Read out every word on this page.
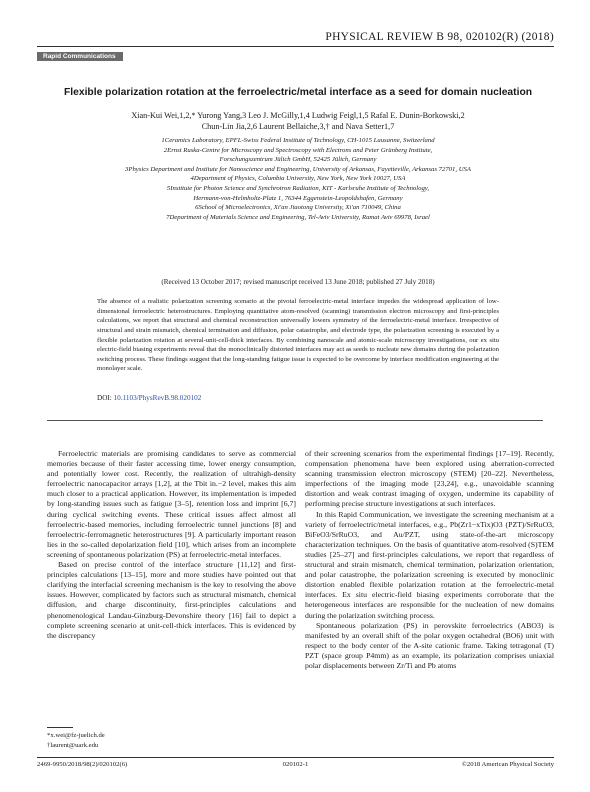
PHYSICAL REVIEW B 98, 020102(R) (2018)
Rapid Communications
Flexible polarization rotation at the ferroelectric/metal interface as a seed for domain nucleation
Xian-Kui Wei,1,2,* Yurong Yang,3 Leo J. McGilly,1,4 Ludwig Feigl,1,5 Rafal E. Dunin-Borkowski,2
Chun-Lin Jia,2,6 Laurent Bellaiche,3,† and Nava Setter1,7
1Ceramics Laboratory, EPFL-Swiss Federal Institute of Technology, CH-1015 Lausanne, Switzerland
2Ernst Ruska-Centre for Microscopy and Spectroscopy with Electrons and Peter Grünberg Institute,
Forschungszentrum Jülich GmbH, 52425 Jülich, Germany
3Physics Department and Institute for Nanoscience and Engineering, University of Arkansas, Fayetteville, Arkansas 72701, USA
4Department of Physics, Columbia University, New York, New York 10027, USA
5Institute for Photon Science and Synchrotron Radiation, KIT - Karlsruhe Institute of Technology,
Hermann-von-Helmholtz-Platz 1, 76344 Eggenstein-Leopoldshafen, Germany
6School of Microelectronics, Xi'an Jiaotong University, Xi'an 710049, China
7Department of Materials Science and Engineering, Tel-Aviv University, Ramat Aviv 69978, Israel
(Received 13 October 2017; revised manuscript received 13 June 2018; published 27 July 2018)
The absence of a realistic polarization screening scenario at the pivotal ferroelectric-metal interface impedes the widespread application of low-dimensional ferroelectric heterostructures. Employing quantitative atom-resolved (scanning) transmission electron microscopy and first-principles calculations, we report that structural and chemical reconstruction universally lowers symmetry of the ferroelectric-metal interface. Irrespective of structural and strain mismatch, chemical termination and diffusion, polar catastrophe, and electrode type, the polarization screening is executed by a flexible polarization rotation at several-unit-cell-thick interfaces. By combining nanoscale and atomic-scale microscopy investigations, our ex situ electric-field biasing experiments reveal that the monoclinically distorted interfaces may act as seeds to nucleate new domains during the polarization switching process. These findings suggest that the long-standing fatigue issue is expected to be overcome by interface modification engineering at the monolayer scale.
DOI: 10.1103/PhysRevB.98.020102

Ferroelectric materials are promising candidates to serve as commercial memories because of their faster accessing time, lower energy consumption, and potentially lower cost. Recently, the realization of ultrahigh-density ferroelectric nanocapacitor arrays [1,2], at the Tbit in.−2 level, makes this aim much closer to a practical application. However, its implementation is impeded by long-standing issues such as fatigue [3–5], retention loss and imprint [6,7] during cyclical switching events. These critical issues affect almost all ferroelectric-based memories, including ferroelectric tunnel junctions [8] and ferroelectric-ferromagnetic heterostructures [9]. A particularly important reason lies in the so-called depolarization field [10], which arises from an incomplete screening of spontaneous polarization (PS) at ferroelectric-metal interfaces.

Based on precise control of the interface structure [11,12] and first-principles calculations [13–15], more and more studies have pointed out that clarifying the interfacial screening mechanism is the key to resolving the above issues. However, complicated by factors such as structural mismatch, chemical diffusion, and charge discontinuity, first-principles calculations and phenomenological Landau-Ginzburg-Devonshire theory [16] fail to depict a complete screening scenario at unit-cell-thick interfaces. This is evidenced by the discrepancy

of their screening scenarios from the experimental findings [17–19]. Recently, compensation phenomena have been explored using aberration-corrected scanning transmission electron microscopy (STEM) [20–22]. Nevertheless, imperfections of the imaging mode [23,24], e.g., unavoidable scanning distortion and weak contrast imaging of oxygen, undermine its capability of performing precise structure investigations at such interfaces.

In this Rapid Communication, we investigate the screening mechanism at a variety of ferroelectric/metal interfaces, e.g., Pb(Zr1−xTix)O3 (PZT)/SrRuO3, BiFeO3/SrRuO3, and Au/PZT, using state-of-the-art microscopy characterization techniques. On the basis of quantitative atom-resolved (S)TEM studies [25–27] and first-principles calculations, we report that regardless of structural and strain mismatch, chemical termination, polarization orientation, and polar catastrophe, the polarization screening is executed by monoclinic distortion enabled flexible polarization rotation at the ferroelectric-metal interfaces. Ex situ electric-field biasing experiments corroborate that the heterogeneous interfaces are responsible for the nucleation of new domains during the polarization switching process.

Spontaneous polarization (PS) in perovskite ferroelectrics (ABO3) is manifested by an overall shift of the polar oxygen octahedral (BO6) unit with respect to the body center of the A-site cationic frame. Taking tetragonal (T) PZT (space group P4mm) as an example, its polarization comprises uniaxial polar displacements between Zr/Ti and Pb atoms

*x.wei@fz-juelich.de
†laurent@uark.edu
2469-9950/2018/98(2)/020102(6)	020102-1	©2018 American Physical Society
